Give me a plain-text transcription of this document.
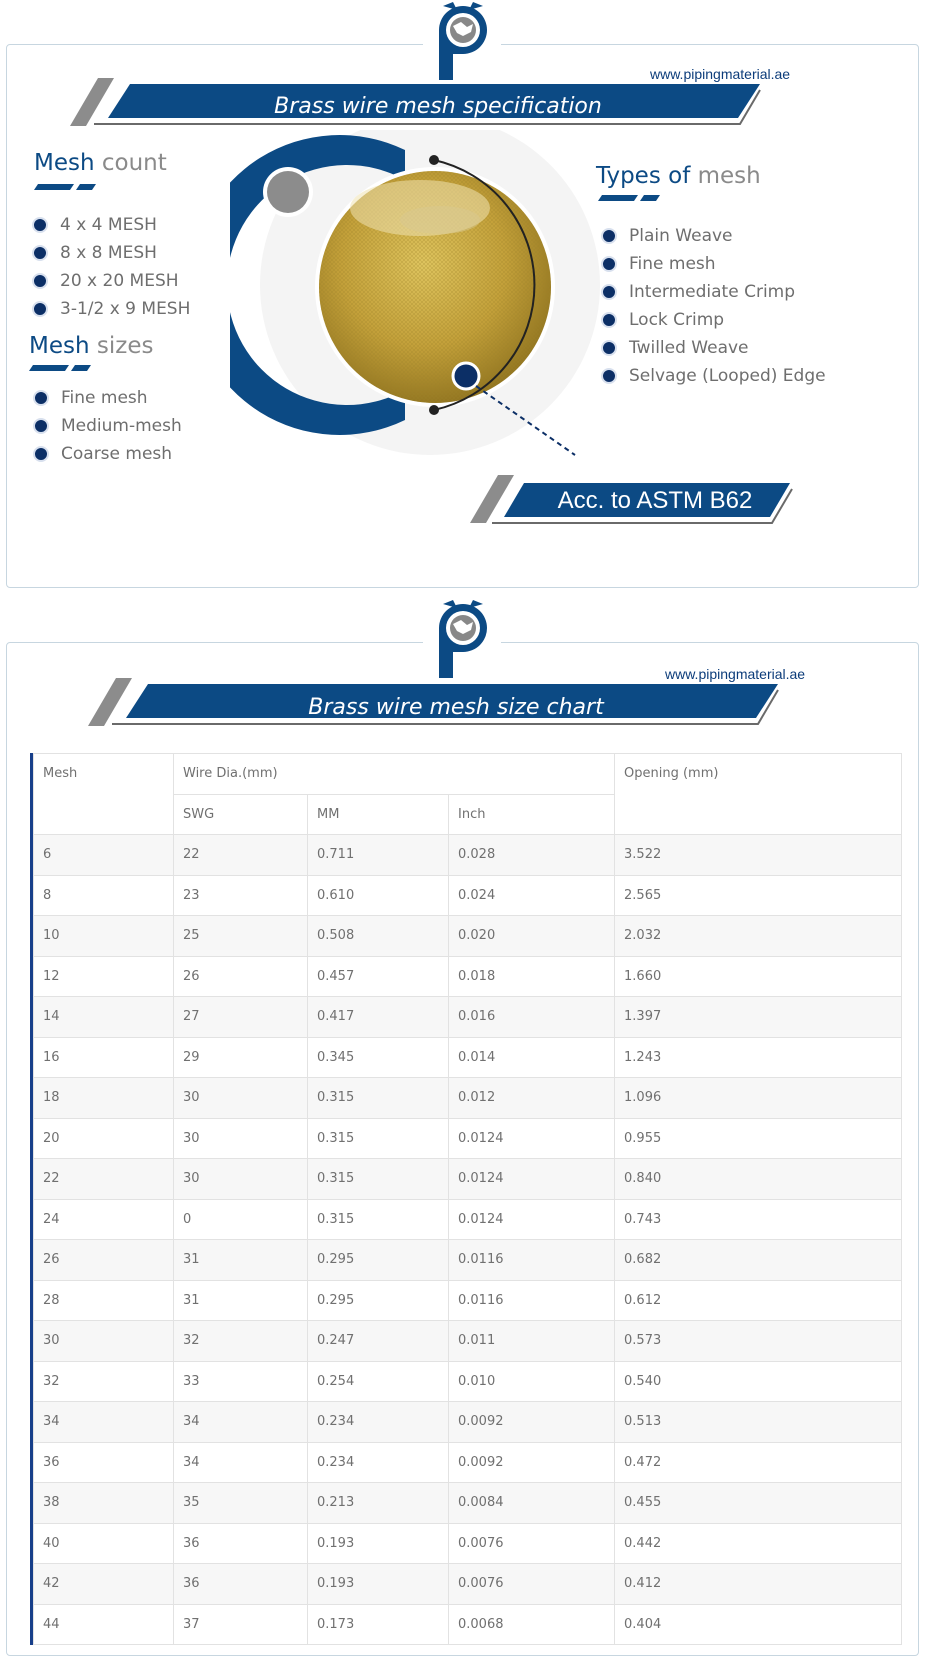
www.pipingmaterial.ae
Brass wire mesh specification
Mesh count
4 x 4 MESH
8 x 8 MESH
20 x 20 MESH
3-1/2 x 9 MESH
Mesh sizes
Fine mesh
Medium-mesh
Coarse mesh
Types of mesh
Plain Weave
Fine mesh
Intermediate Crimp
Lock Crimp
Twilled Weave
Selvage (Looped) Edge
Acc. to ASTM B62
www.pipingmaterial.ae
Brass wire mesh size chart
Mesh	Wire Dia.(mm)			Opening (mm)
	SWG	MM	Inch	
6	22	0.711	0.028	3.522
8	23	0.610	0.024	2.565
10	25	0.508	0.020	2.032
12	26	0.457	0.018	1.660
14	27	0.417	0.016	1.397
16	29	0.345	0.014	1.243
18	30	0.315	0.012	1.096
20	30	0.315	0.0124	0.955
22	30	0.315	0.0124	0.840
24	0	0.315	0.0124	0.743
26	31	0.295	0.0116	0.682
28	31	0.295	0.0116	0.612
30	32	0.247	0.011	0.573
32	33	0.254	0.010	0.540
34	34	0.234	0.0092	0.513
36	34	0.234	0.0092	0.472
38	35	0.213	0.0084	0.455
40	36	0.193	0.0076	0.442
42	36	0.193	0.0076	0.412
44	37	0.173	0.0068	0.404
